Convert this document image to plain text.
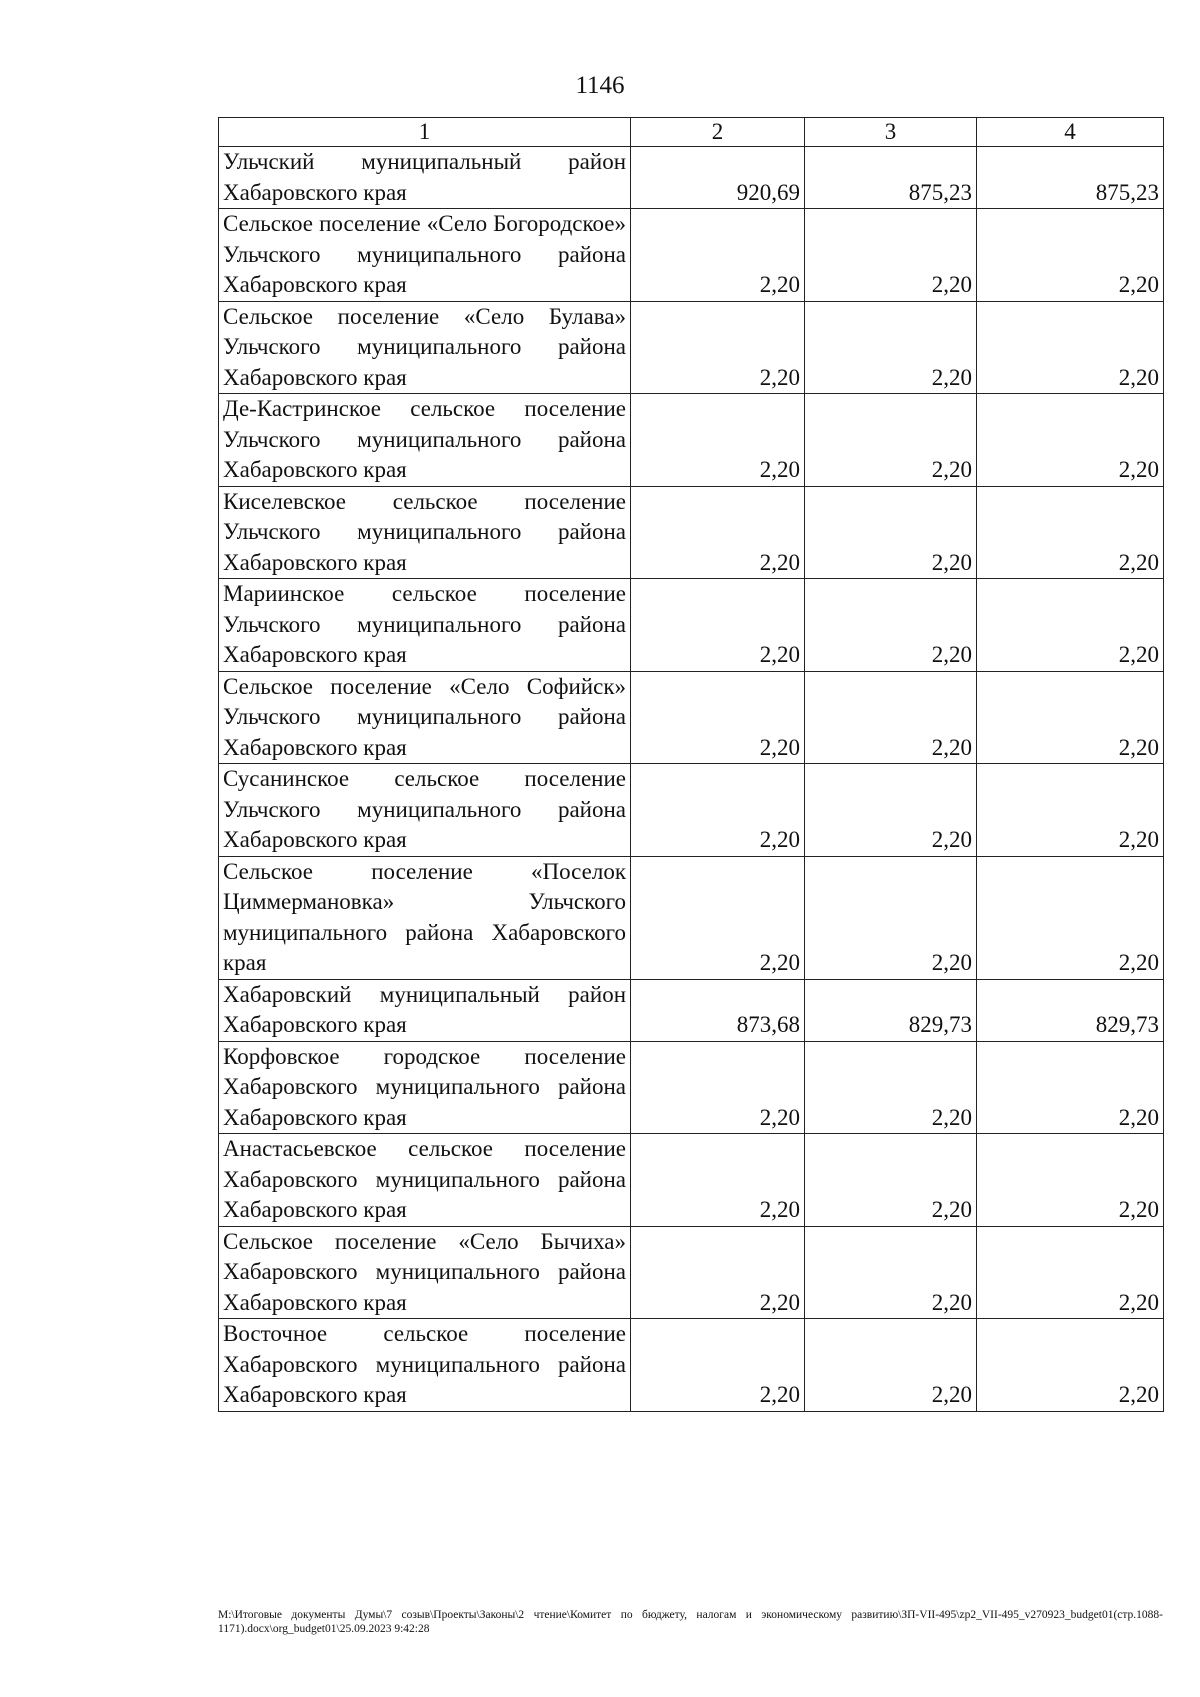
1146
1	2	3	4
Ульчский муниципальный район Хабаровского края	920,69	875,23	875,23
Сельское поселение «Село Богородское» Ульчского муниципального района Хабаровского края	2,20	2,20	2,20
Сельское поселение «Село Булава» Ульчского муниципального района Хабаровского края	2,20	2,20	2,20
Де-Кастринское сельское поселение Ульчского муниципального района Хабаровского края	2,20	2,20	2,20
Киселевское сельское поселение Ульчского муниципального района Хабаровского края	2,20	2,20	2,20
Мариинское сельское поселение Ульчского муниципального района Хабаровского края	2,20	2,20	2,20
Сельское поселение «Село Софийск» Ульчского муниципального района Хабаровского края	2,20	2,20	2,20
Сусанинское сельское поселение Ульчского муниципального района Хабаровского края	2,20	2,20	2,20
Сельское поселение «Поселок Циммермановка» Ульчского муниципального района Хабаровского края	2,20	2,20	2,20
Хабаровский муниципальный район Хабаровского края	873,68	829,73	829,73
Корфовское городское поселение Хабаровского муниципального района Хабаровского края	2,20	2,20	2,20
Анастасьевское сельское поселение Хабаровского муниципального района Хабаровского края	2,20	2,20	2,20
Сельское поселение «Село Бычиха» Хабаровского муниципального района Хабаровского края	2,20	2,20	2,20
Восточное сельское поселение Хабаровского муниципального района Хабаровского края	2,20	2,20	2,20
М:\Итоговые документы Думы\7 созыв\Проекты\Законы\2 чтение\Комитет по бюджету, налогам и экономическому развитию\ЗП-VII-495\zp2_VII-495_v270923_budget01(стр.1088-1171).docx\org_budget01\25.09.2023 9:42:28
